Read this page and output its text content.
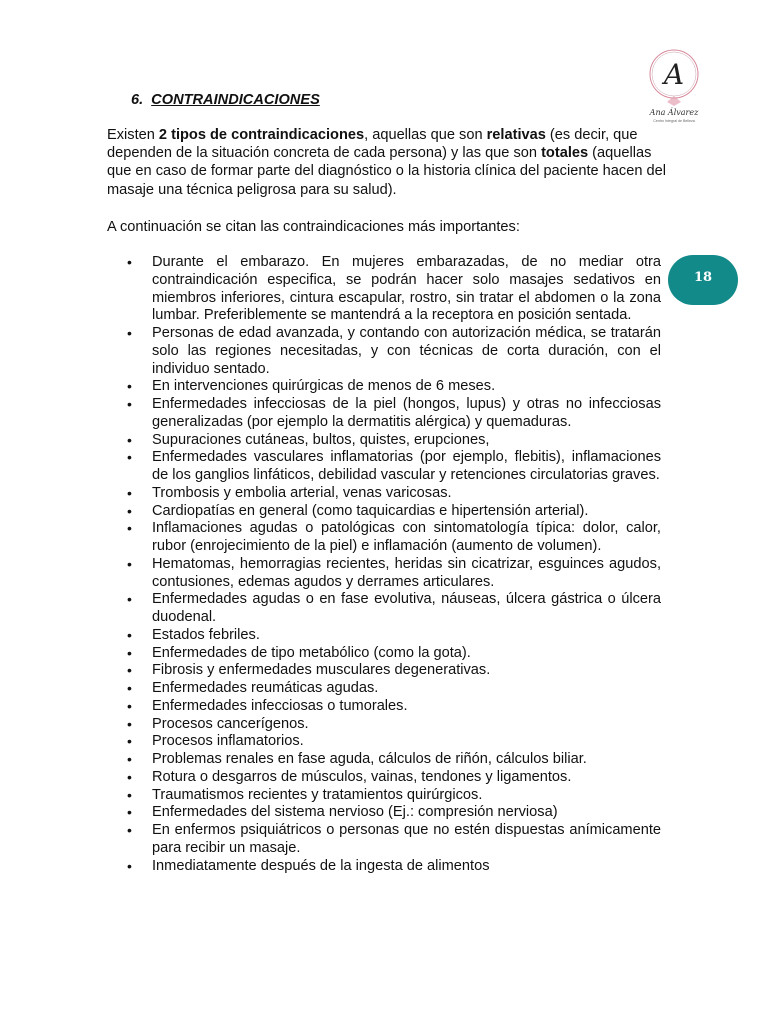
A
Ana Álvarez
Centro Integral de Belleza
18
6. CONTRAINDICACIONES

Existen 2 tipos de contraindicaciones, aquellas que son relativas (es decir, que dependen de la situación concreta de cada persona) y las que son totales (aquellas que en caso de formar parte del diagnóstico o la historia clínica del paciente hacen del masaje una técnica peligrosa para su salud).

A continuación se citan las contraindicaciones más importantes:

• Durante el embarazo. En mujeres embarazadas, de no mediar otra contraindicación especifica, se podrán hacer solo masajes sedativos en miembros inferiores, cintura escapular, rostro, sin tratar el abdomen o la zona lumbar. Preferiblemente se mantendrá a la receptora en posición sentada.
• Personas de edad avanzada, y contando con autorización médica, se tratarán solo las regiones necesitadas, y con técnicas de corta duración, con el individuo sentado.
• En intervenciones quirúrgicas de menos de 6 meses.
• Enfermedades infecciosas de la piel (hongos, lupus) y otras no infecciosas generalizadas (por ejemplo la dermatitis alérgica) y quemaduras.
• Supuraciones cutáneas, bultos, quistes, erupciones,
• Enfermedades vasculares inflamatorias (por ejemplo, flebitis), inflamaciones de los ganglios linfáticos, debilidad vascular y retenciones circulatorias graves.
• Trombosis y embolia arterial, venas varicosas.
• Cardiopatías en general (como taquicardias e hipertensión arterial).
• Inflamaciones agudas o patológicas con sintomatología típica: dolor, calor, rubor (enrojecimiento de la piel) e inflamación (aumento de volumen).
• Hematomas, hemorragias recientes, heridas sin cicatrizar, esguinces agudos, contusiones, edemas agudos y derrames articulares.
• Enfermedades agudas o en fase evolutiva, náuseas, úlcera gástrica o úlcera duodenal.
• Estados febriles.
• Enfermedades de tipo metabólico (como la gota).
• Fibrosis y enfermedades musculares degenerativas.
• Enfermedades reumáticas agudas.
• Enfermedades infecciosas o tumorales.
• Procesos cancerígenos.
• Procesos inflamatorios.
• Problemas renales en fase aguda, cálculos de riñón, cálculos biliar.
• Rotura o desgarros de músculos, vainas, tendones y ligamentos.
• Traumatismos recientes y tratamientos quirúrgicos.
• Enfermedades del sistema nervioso (Ej.: compresión nerviosa)
• En enfermos psiquiátricos o personas que no estén dispuestas anímicamente para recibir un masaje.
• Inmediatamente después de la ingesta de alimentos
